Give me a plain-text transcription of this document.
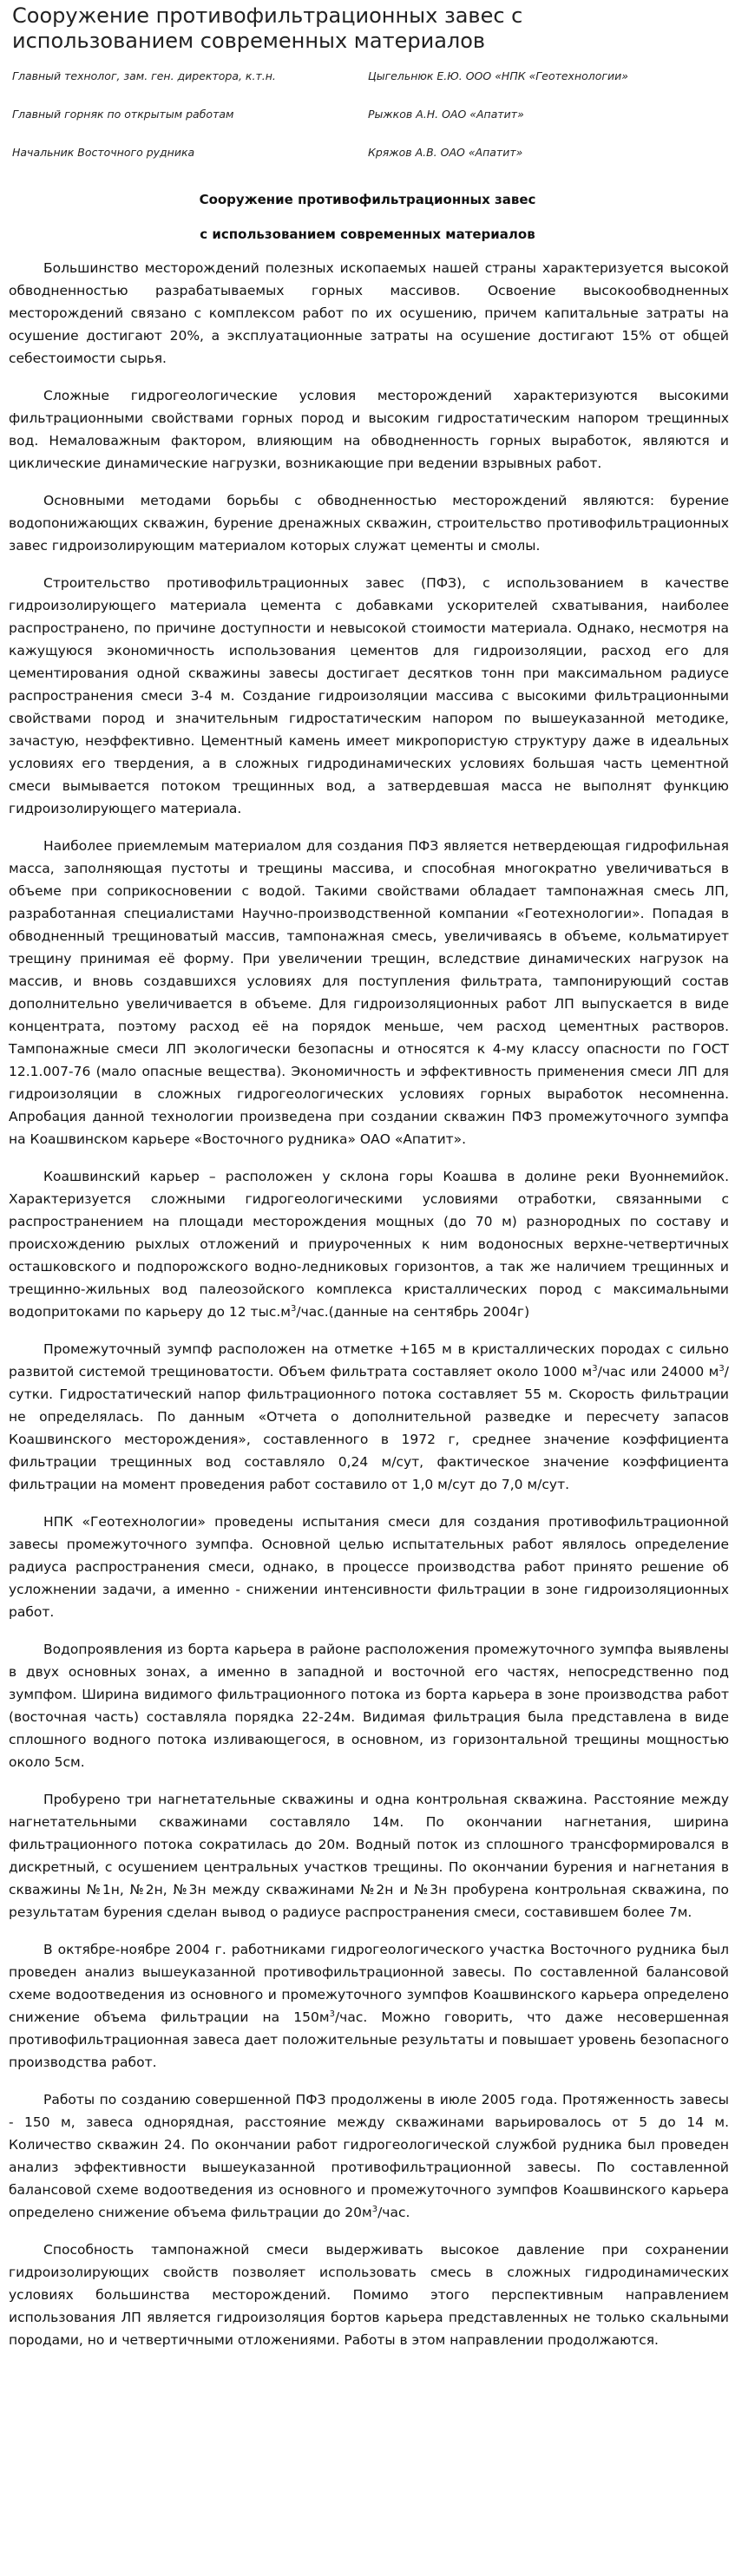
Сооружение противофильтрационных завес с использованием современных материалов
Главный технолог, зам. ген. директора, к.т.н.	Цыгельнюк Е.Ю. ООО «НПК «Геотехнологии»
Главный горняк по открытым работам	Рыжков А.Н. ОАО «Апатит»
Начальник Восточного рудника	Кряжов А.В. ОАО «Апатит»
Сооружение противофильтрационных завес
с использованием современных материалов

Большинство месторождений полезных ископаемых нашей страны характеризуется высокой обводненностью разрабатываемых горных массивов. Освоение высокообводненных месторождений связано с комплексом работ по их осушению, причем капитальные затраты на осушение достигают 20%, а эксплуатационные затраты на осушение достигают 15% от общей себестоимости сырья.

Сложные гидрогеологические условия месторождений характеризуются высокими фильтрационными свойствами горных пород и высоким гидростатическим напором трещинных вод. Немаловажным фактором, влияющим на обводненность горных выработок, являются и циклические динамические нагрузки, возникающие при ведении взрывных работ.

Основными методами борьбы с обводненностью месторождений являются: бурение водопонижающих скважин, бурение дренажных скважин, строительство противофильтрационных завес гидроизолирующим материалом которых служат цементы и смолы.

Строительство противофильтрационных завес (ПФЗ), с использованием в качестве гидроизолирующего материала цемента с добавками ускорителей схватывания, наиболее распространено, по причине доступности и невысокой стоимости материала. Однако, несмотря на кажущуюся экономичность использования цементов для гидроизоляции, расход его для цементирования одной скважины завесы достигает десятков тонн при максимальном радиусе распространения смеси 3-4 м. Создание гидроизоляции массива с высокими фильтрационными свойствами пород и значительным гидростатическим напором по вышеуказанной методике, зачастую, неэффективно. Цементный камень имеет микропористую структуру даже в идеальных условиях его твердения, а в сложных гидродинамических условиях большая часть цементной смеси вымывается потоком трещинных вод, а затвердевшая масса не выполнят функцию гидроизолирующего материала.

Наиболее приемлемым материалом для создания ПФЗ является нетвердеющая гидрофильная масса, заполняющая пустоты и трещины массива, и способная многократно увеличиваться в объеме при соприкосновении с водой. Такими свойствами обладает тампонажная смесь ЛП, разработанная специалистами Научно-производственной компании «Геотехнологии». Попадая в обводненный трещиноватый массив, тампонажная смесь, увеличиваясь в объеме, кольматирует трещину принимая её форму. При увеличении трещин, вследствие динамических нагрузок на массив, и вновь создавшихся условиях для поступления фильтрата, тампонирующий состав дополнительно увеличивается в объеме. Для гидроизоляционных работ ЛП выпускается в виде концентрата, поэтому расход её на порядок меньше, чем расход цементных растворов. Тампонажные смеси ЛП экологически безопасны и относятся к 4-му классу опасности по ГОСТ 12.1.007-76 (мало опасные вещества). Экономичность и эффективность применения смеси ЛП для гидроизоляции в сложных гидрогеологических условиях горных выработок несомненна. Апробация данной технологии произведена при создании скважин ПФЗ промежуточного зумпфа на Коашвинском карьере «Восточного рудника» ОАО «Апатит».

Коашвинский карьер – расположен у склона горы Коашва в долине реки Вуоннемийок. Характеризуется сложными гидрогеологическими условиями отработки, связанными с распространением на площади месторождения мощных (до 70 м) разнородных по составу и происхождению рыхлых отложений и приуроченных к ним водоносных верхне-четвертичных осташковского и подпорожского водно-ледниковых горизонтов, а так же наличием трещинных и трещинно-жильных вод палеозойского комплекса кристаллических пород с максимальными водопритоками по карьеру до 12 $тыс.м^3/час.(данные$ на сентябрь 2004г)

Промежуточный зумпф расположен на отметке +165 м в кристаллических породах с сильно развитой системой трещиноватости. Объем фильтрата составляет около 1000 $м^3$/час или 24000 $м^3$/сутки. Гидростатический напор фильтрационного потока составляет 55 м. Скорость фильтрации не определялась. По данным «Отчета о дополнительной разведке и пересчету запасов Коашвинского месторождения», составленного в 1972 г, среднее значение коэффициента фильтрации трещинных вод составляло 0,24 м/сут, фактическое значение коэффициента фильтрации на момент проведения работ составило от 1,0 м/сут до 7,0 м/сут.

НПК «Геотехнологии» проведены испытания смеси для создания противофильтрационной завесы промежуточного зумпфа. Основной целью испытательных работ являлось определение радиуса распространения смеси, однако, в процессе производства работ принято решение об усложнении задачи, а именно - снижении интенсивности фильтрации в зоне гидроизоляционных работ.

Водопроявления из борта карьера в районе расположения промежуточного зумпфа выявлены в двух основных зонах, а именно в западной и восточной его частях, непосредственно под зумпфом. Ширина видимого фильтрационного потока из борта карьера в зоне производства работ (восточная часть) составляла порядка 22-24м. Видимая фильтрация была представлена в виде сплошного водного потока изливающегося, в основном, из горизонтальной трещины мощностью около 5см.

Пробурено три нагнетательные скважины и одна контрольная скважина. Расстояние между нагнетательными скважинами составляло 14м. По окончании нагнетания, ширина фильтрационного потока сократилась до 20м. Водный поток из сплошного трансформировался в дискретный, с осушением центральных участков трещины. По окончании бурения и нагнетания в скважины №1н, №2н, №3н между скважинами №2н и №3н пробурена контрольная скважина, по результатам бурения сделан вывод о радиусе распространения смеси, составившем более 7м.

В октябре-ноябре 2004 г. работниками гидрогеологического участка Восточного рудника был проведен анализ вышеуказанной противофильтрационной завесы. По составленной балансовой схеме водоотведения из основного и промежуточного зумпфов Коашвинского карьера определено снижение объема фильтрации на $150м^3$/час. Можно говорить, что даже несовершенная противофильтрационная завеса дает положительные результаты и повышает уровень безопасного производства работ.

Работы по созданию совершенной ПФЗ продолжены в июле 2005 года. Протяженность завесы - 150 м, завеса однорядная, расстояние между скважинами варьировалось от 5 до 14 м. Количество скважин 24. По окончании работ гидрогеологической службой рудника был проведен анализ эффективности вышеуказанной противофильтрационной завесы. По составленной балансовой схеме водоотведения из основного и промежуточного зумпфов Коашвинского карьера определено снижение объема фильтрации до $20м^3$/час.

Способность тампонажной смеси выдерживать высокое давление при сохранении гидроизолирующих свойств позволяет использовать смесь в сложных гидродинамических условиях большинства месторождений. Помимо этого перспективным направлением использования ЛП является гидроизоляция бортов карьера представленных не только скальными породами, но и четвертичными отложениями. Работы в этом направлении продолжаются.
